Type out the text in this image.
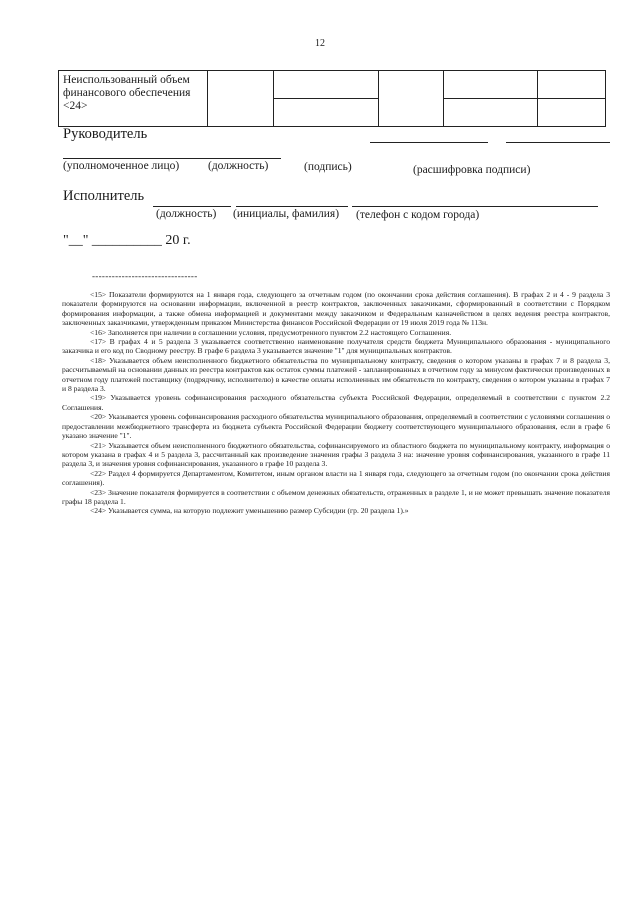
12
Неиспользованный объем финансового обеспечения <24>					

Руководитель
(уполномоченное лицо)	(должность)	(подпись)	(расшифровка подписи)
Исполнитель
(должность) (инициалы, фамилия) (телефон с кодом города)
"__" __________ 20 г.
--------------------------------

<15> Показатели формируются на 1 января года, следующего за отчетным годом (по окончании срока действия соглашения). В графах 2 и 4 - 9 раздела 3 показатели формируются на основании информации, включенной в реестр контрактов, заключенных заказчиками, сформированный в соответствии с Порядком формирования информации, а также обмена информацией и документами между заказчиком и Федеральным казначейством в целях ведения реестра контрактов, заключенных заказчиками, утвержденным приказом Министерства финансов Российской Федерации от 19 июля 2019 года № 113н.

<16> Заполняется при наличии в соглашении условия, предусмотренного пунктом 2.2 настоящего Соглашения.

<17> В графах 4 и 5 раздела 3 указывается соответственно наименование получателя средств бюджета Муниципального образования - муниципального заказчика и его код по Сводному реестру. В графе 6 раздела 3 указывается значение "1" для муниципальных контрактов.

<18> Указывается объем неисполненного бюджетного обязательства по муниципальному контракту, сведения о котором указаны в графах 7 и 8 раздела 3, рассчитываемый на основании данных из реестра контрактов как остаток суммы платежей - запланированных в отчетном году за минусом фактически произведенных в отчетном году платежей поставщику (подрядчику, исполнителю) в качестве оплаты исполненных им обязательств по контракту, сведения о котором указаны в графах 7 и 8 раздела 3.

<19> Указывается уровень софинансирования расходного обязательства субъекта Российской Федерации, определяемый в соответствии с пунктом 2.2 Соглашения.

<20> Указывается уровень софинансирования расходного обязательства муниципального образования, определяемый в соответствии с условиями соглашения о предоставлении межбюджетного трансферта из бюджета субъекта Российской Федерации бюджету соответствующего муниципального образования, если в графе 6 указано значение "1".

<21> Указывается объем неисполненного бюджетного обязательства, софинансируемого из областного бюджета по муниципальному контракту, информация о котором указана в графах 4 и 5 раздела 3, рассчитанный как произведение значения графы 3 раздела 3 на: значение уровня софинансирования, указанного в графе 11 раздела 3, и значения уровня софинансирования, указанного в графе 10 раздела 3.

<22> Раздел 4 формируется Департаментом, Комитетом, иным органом власти на 1 января года, следующего за отчетным годом (по окончании срока действия соглашения).

<23> Значение показателя формируется в соответствии с объемом денежных обязательств, отраженных в разделе 1, и не может превышать значение показателя графы 18 раздела 1.

<24> Указывается сумма, на которую подлежит уменьшению размер Субсидии (гр. 20 раздела 1).»
